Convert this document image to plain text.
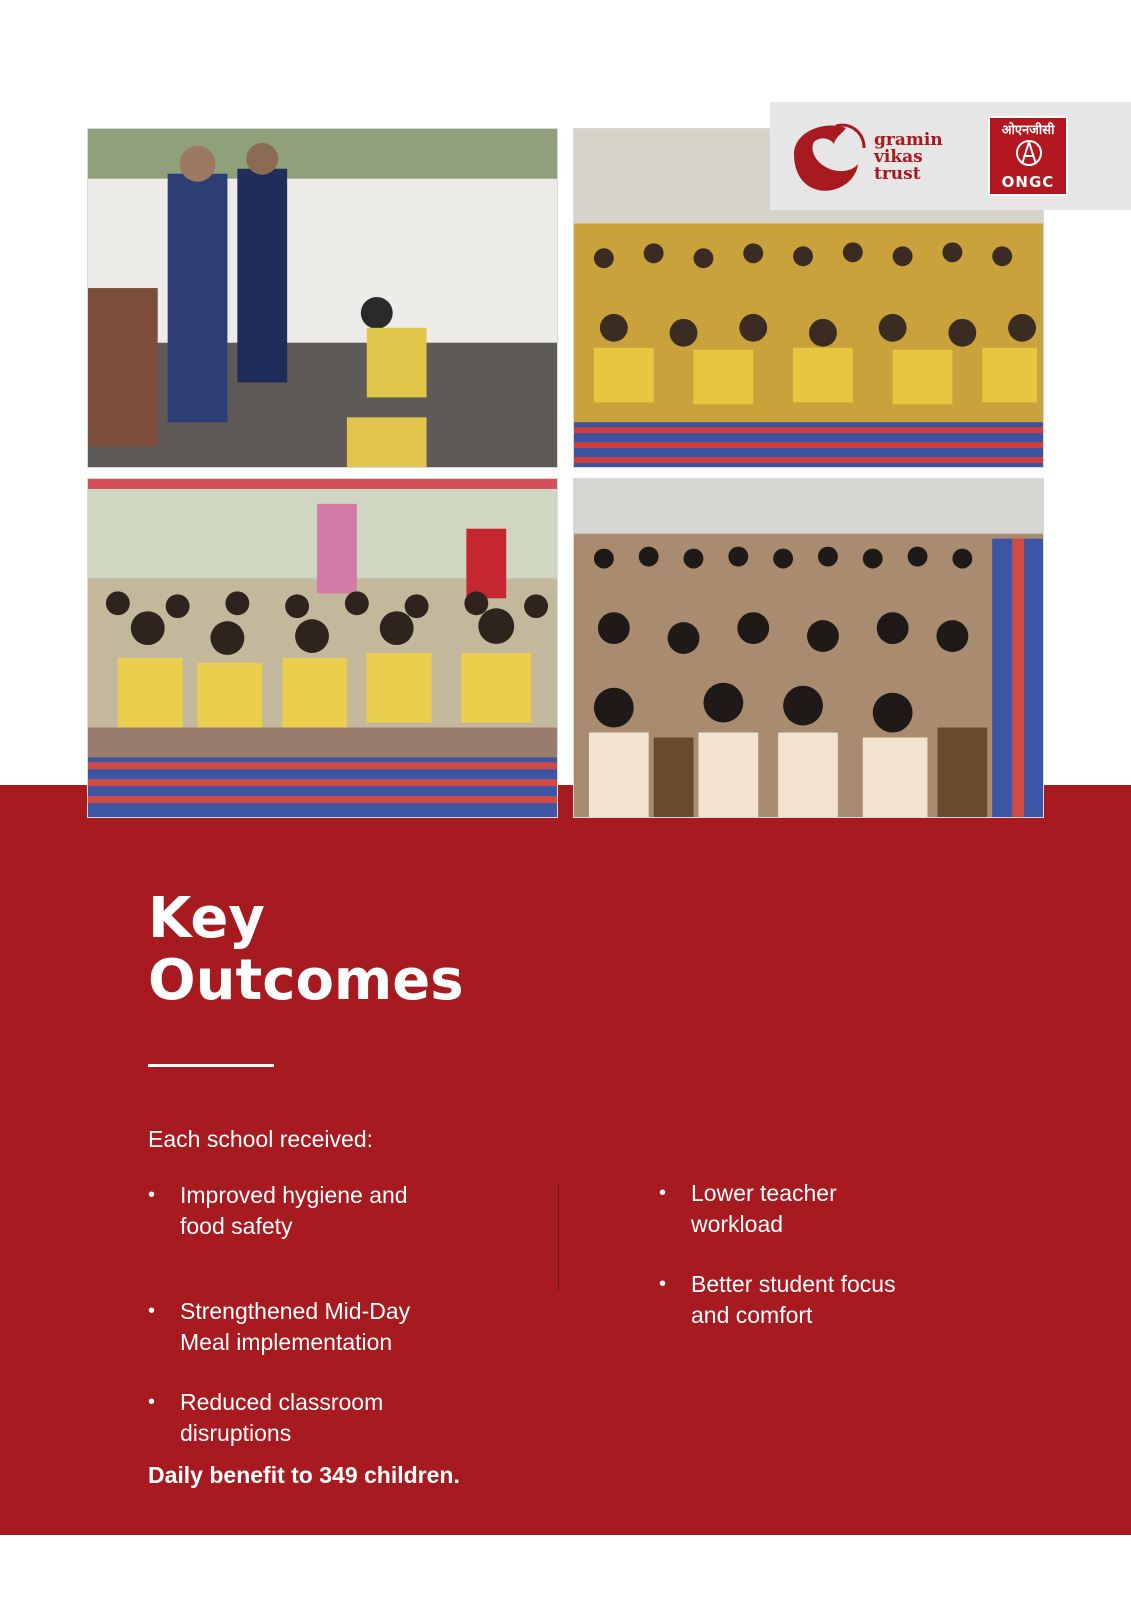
gramin
vikas
trust
ओएनजीसी
ONGC
Key
Outcomes
Each school received:
• Improved hygiene and
food safety
• Strengthened Mid-Day
Meal implementation
• Reduced classroom
disruptions
• Lower teacher
workload
• Better student focus
and comfort
Daily benefit to 349 children.
